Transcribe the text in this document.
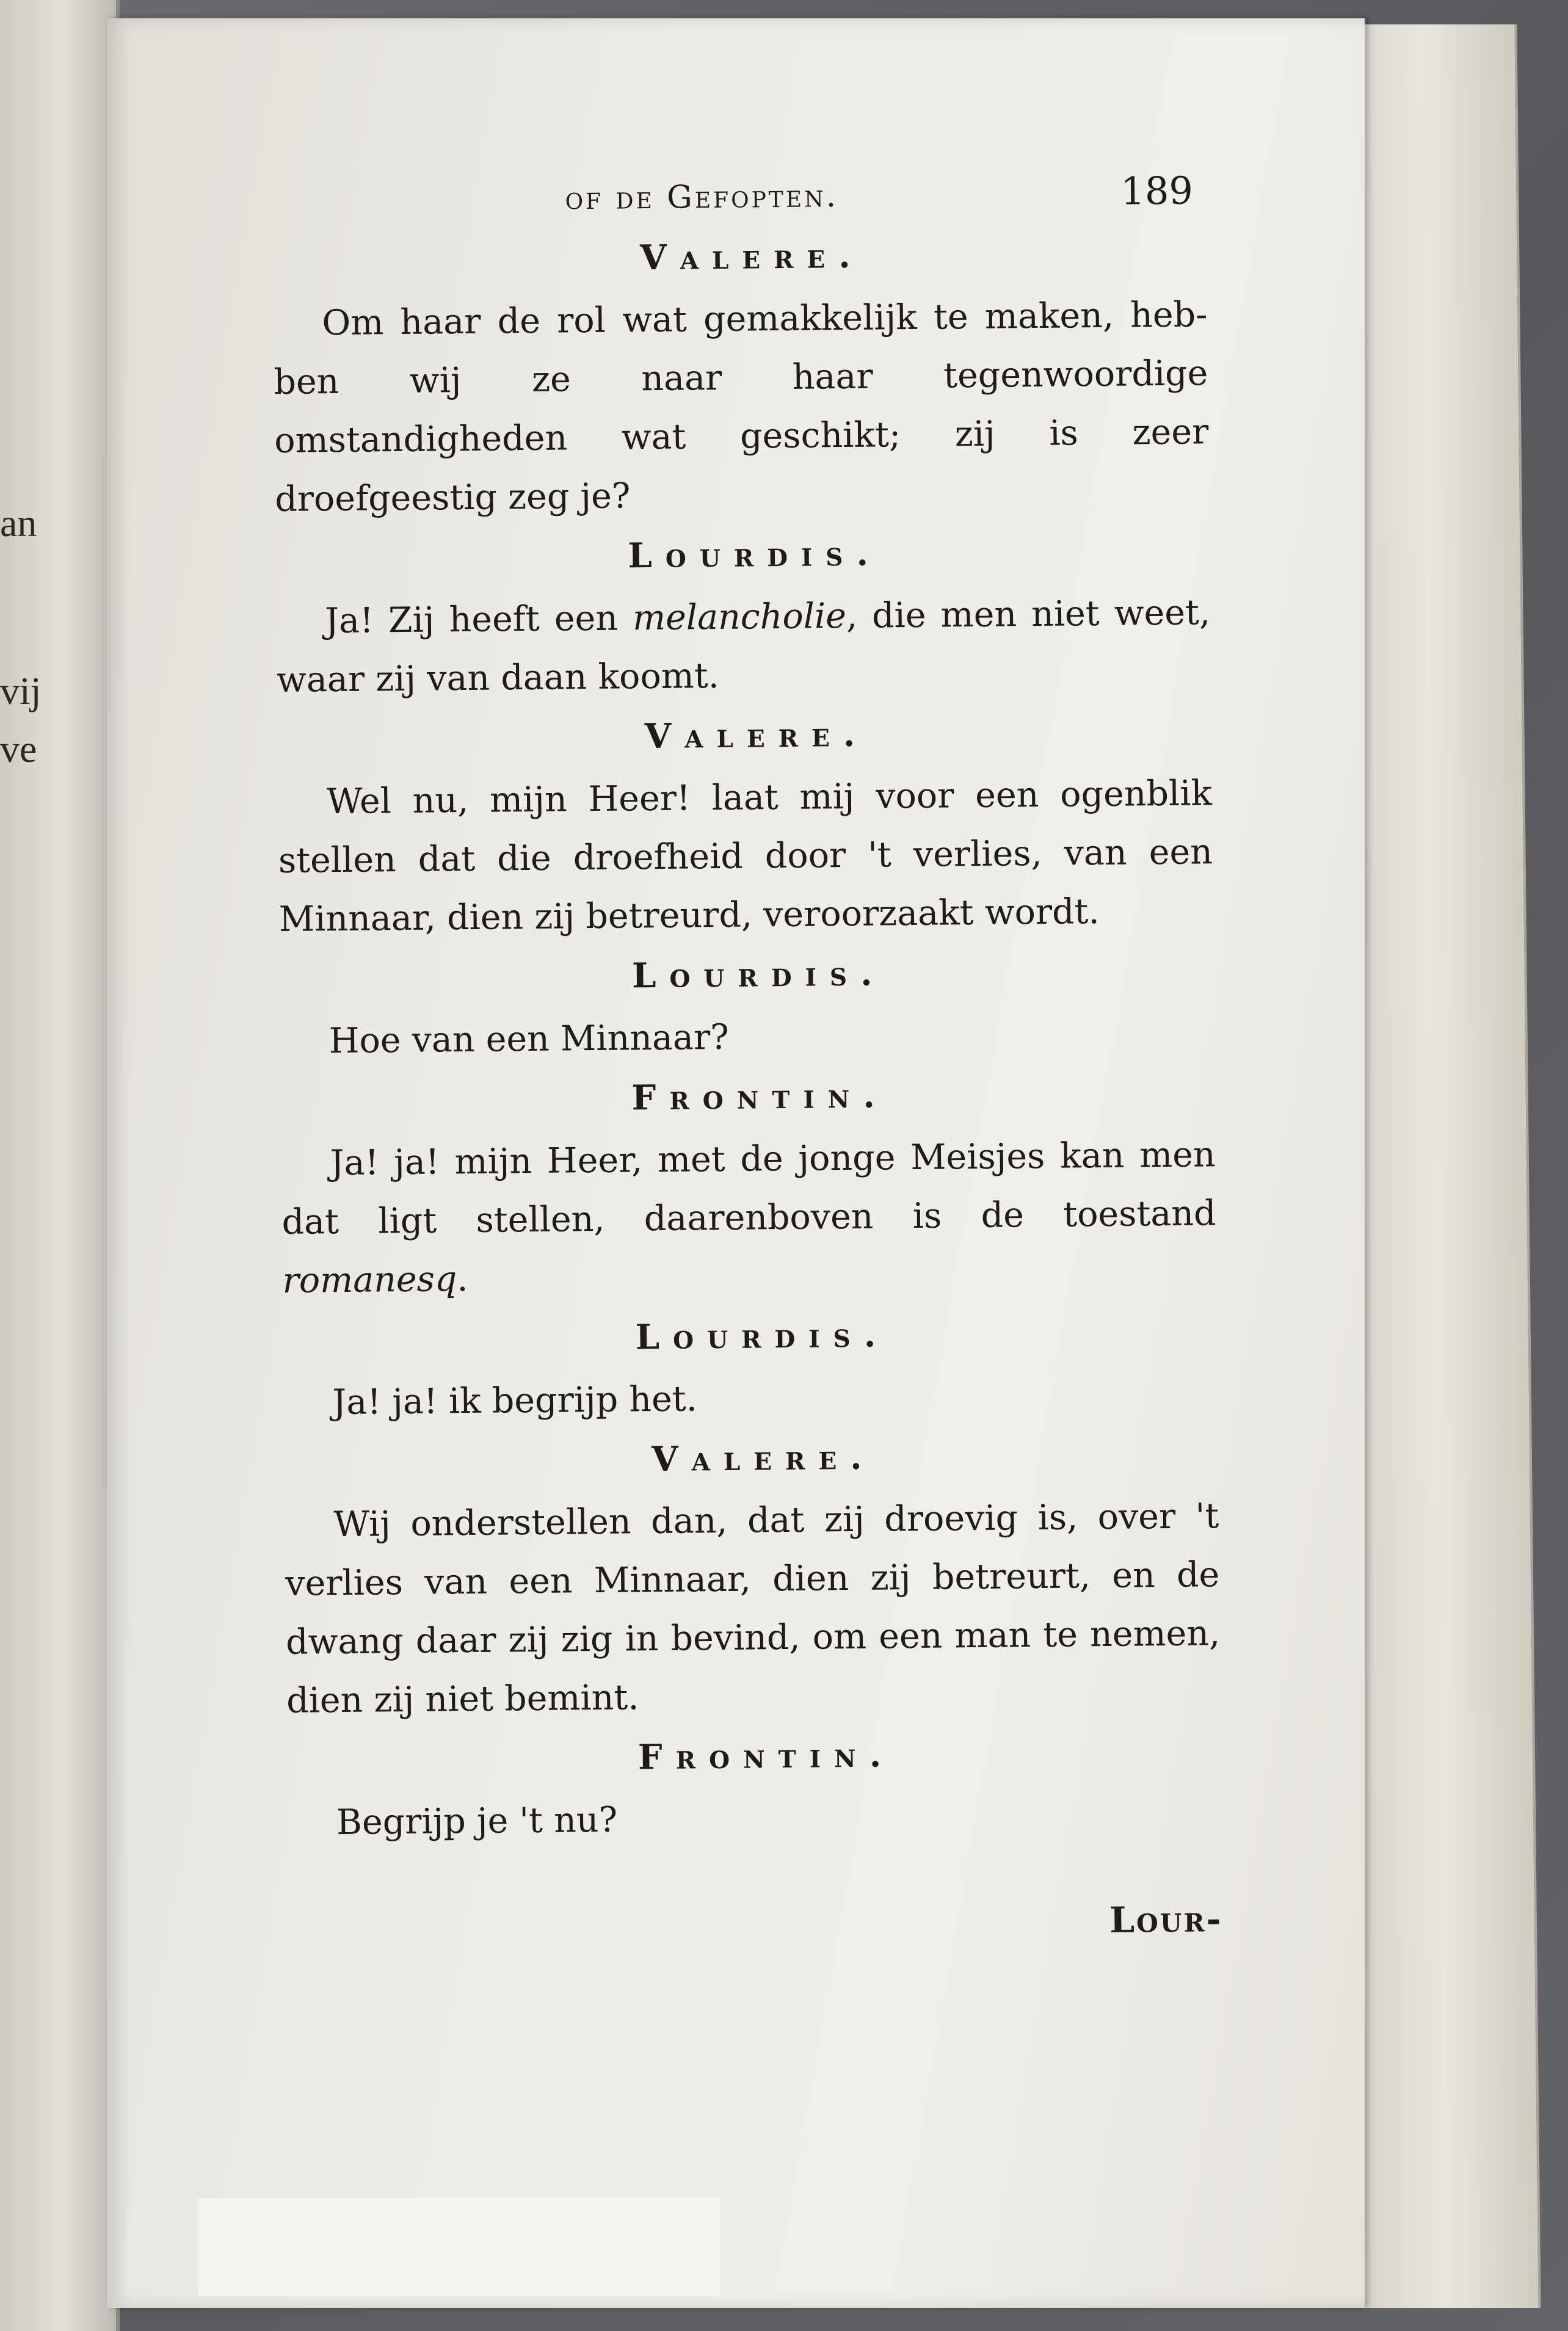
an
vij
ve
of de Gefopten.	189
Valere.

Om haar de rol wat gemakkelijk te maken, heb- ben wij ze naar haar tegenwoordige omstandigheden wat geschikt; zij is zeer droefgeestig zeg je?

Lourdis.

Ja! Zij heeft een melancholie, die men niet weet, waar zij van daan koomt.

Valere.

Wel nu, mijn Heer! laat mij voor een ogenblik stellen dat die droefheid door 't verlies, van een Minnaar, dien zij betreurd, veroorzaakt wordt.

Lourdis.

Hoe van een Minnaar?

Frontin.

Ja! ja! mijn Heer, met de jonge Meisjes kan men dat ligt stellen, daarenboven is de toestand romanesq.

Lourdis.

Ja! ja! ik begrijp het.

Valere.

Wij onderstellen dan, dat zij droevig is, over 't verlies van een Minnaar, dien zij betreurt, en de dwang daar zij zig in bevind, om een man te nemen, dien zij niet bemint.

Frontin.

Begrijp je 't nu?

Lour-
